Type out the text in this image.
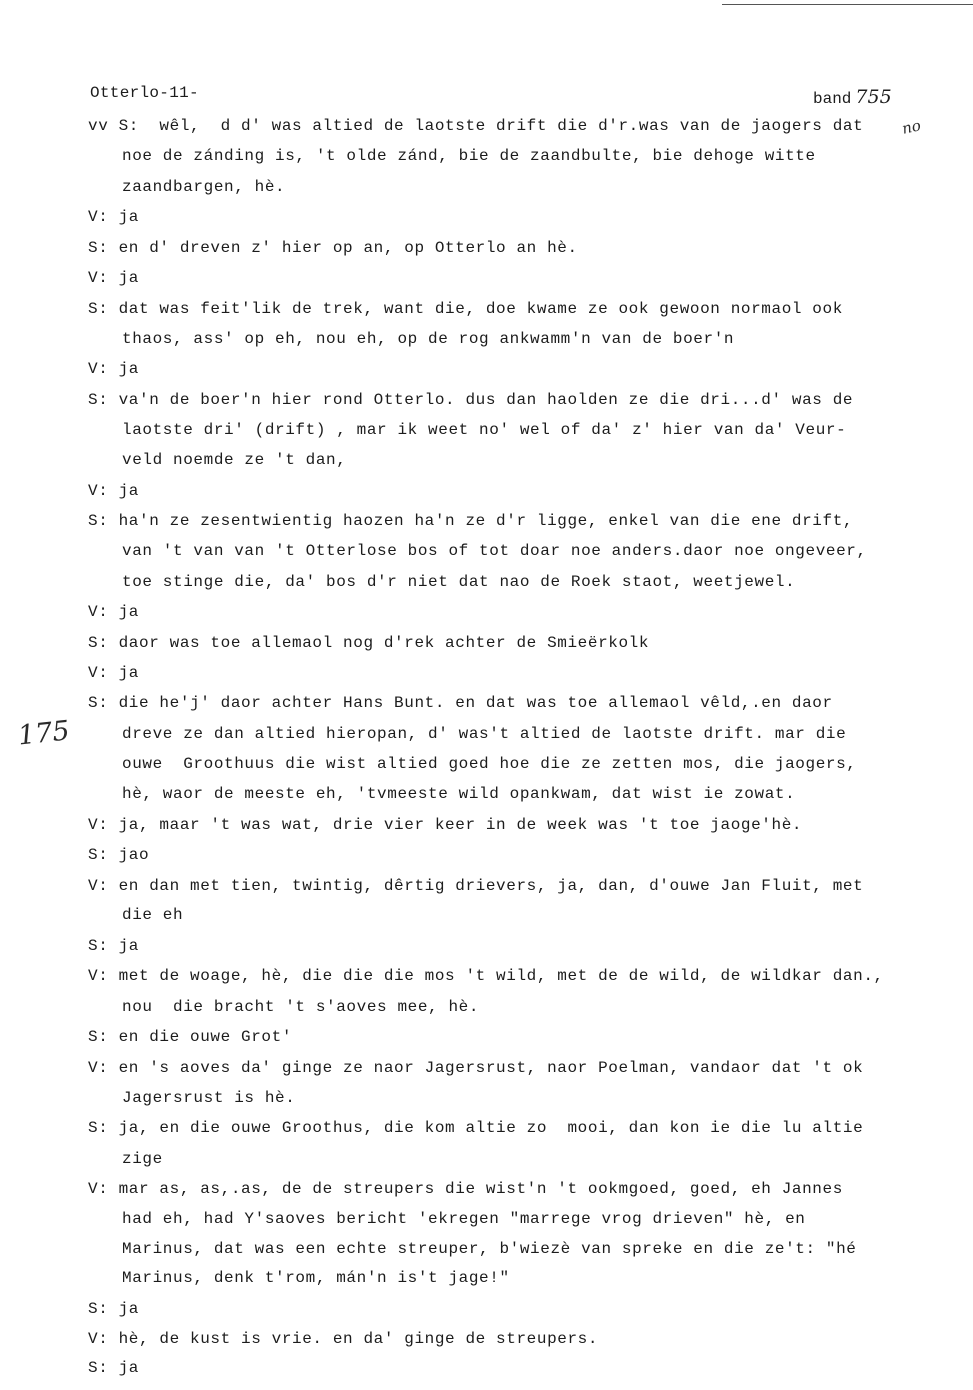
Otterlo-11-	band 755
no
175
vv S:  wêl,  d d' was altied de laotste drift die d'r.was van de jaogers dat
noe de zánding is, 't olde zánd, bie de zaandbulte, bie dehoge witte
zaandbargen, hè.
V: ja
S: en d' dreven z' hier op an, op Otterlo an hè.
V: ja
S: dat was feit'lik de trek, want die, doe kwame ze ook gewoon normaol ook
thaos, ass' op eh, nou eh, op de rog ankwamm'n van de boer'n
V: ja
S: va'n de boer'n hier rond Otterlo. dus dan haolden ze die dri...d' was de
laotste dri' (drift) , mar ik weet no' wel of da' z' hier van da' Veur-
veld noemde ze 't dan,
V: ja
S: ha'n ze zesentwientig haozen ha'n ze d'r ligge, enkel van die ene drift,
van 't van van 't Otterlose bos of tot doar noe anders.daor noe ongeveer,
toe stinge die, da' bos d'r niet dat nao de Roek staot, weetjewel.
V: ja
S: daor was toe allemaol nog d'rek achter de Smieërkolk
V: ja
S: die he'j' daor achter Hans Bunt. en dat was toe allemaol vêld,.en daor
dreve ze dan altied hieropan, d' was't altied de laotste drift. mar die
ouwe  Groothuus die wist altied goed hoe die ze zetten mos, die jaogers,
hè, waor de meeste eh, 'tvmeeste wild opankwam, dat wist ie zowat.
V: ja, maar 't was wat, drie vier keer in de week was 't toe jaoge'hè.
S: jao
V: en dan met tien, twintig, dêrtig drievers, ja, dan, d'ouwe Jan Fluit, met
die eh
S: ja
V: met de woage, hè, die die die mos 't wild, met de de wild, de wildkar dan.,
nou  die bracht 't s'aoves mee, hè.
S: en die ouwe Grot'
V: en 's aoves da' ginge ze naor Jagersrust, naor Poelman, vandaor dat 't ok
Jagersrust is hè.
S: ja, en die ouwe Groothus, die kom altie zo  mooi, dan kon ie die lu altie
zige
V: mar as, as,.as, de de streupers die wist'n 't ookmgoed, goed, eh Jannes
had eh, had Y'saoves bericht 'ekregen "marrege vrog drieven" hè, en
Marinus, dat was een echte streuper, b'wiezè van spreke en die ze't: "hé
Marinus, denk t'rom, mán'n is't jage!"
S: ja
V: hè, de kust is vrie. en da' ginge de streupers.
S: ja
